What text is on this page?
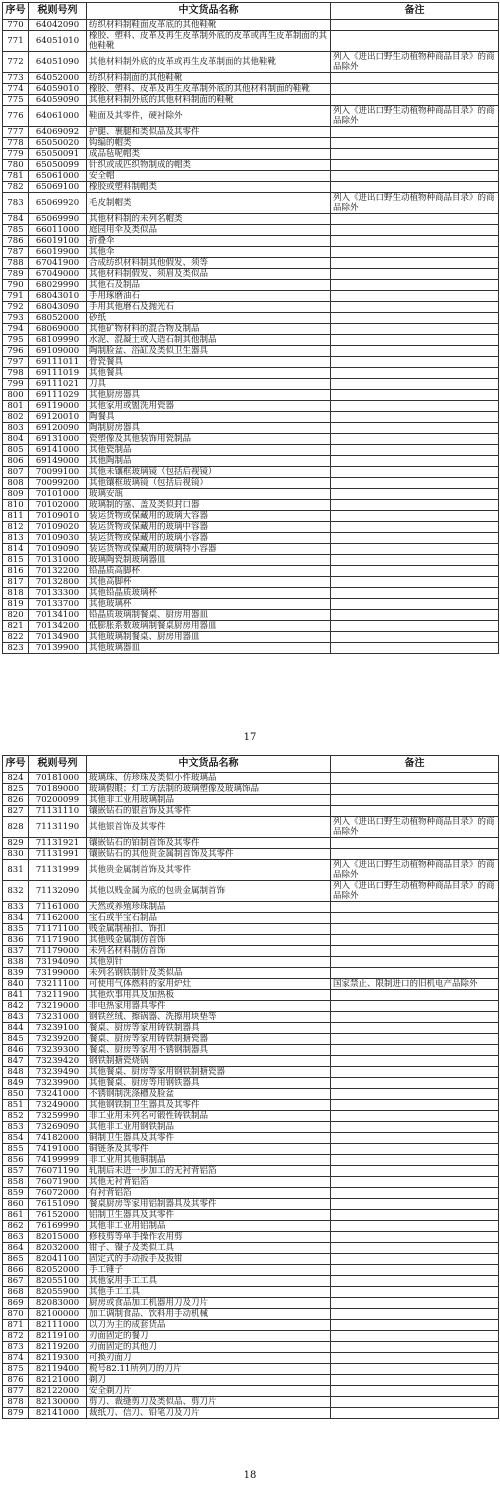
序号	税则号列	中文货品名称	备注
770	64042090	纺织材料制鞋面皮革底的其他鞋靴	
771	64051010	橡胶、塑料、皮革及再生皮革制外底的皮革或再生皮革制面的其他鞋靴	
772	64051090	其他材料制外底的皮革或再生皮革制面的其他鞋靴	列入《进出口野生动植物种商品目录》的商品除外
773	64052000	纺织材料制面的其他鞋靴	
774	64059010	橡胶、塑料、皮革及再生皮革制外底的其他材料制面的鞋靴	
775	64059090	其他材料制外底的其他材料制面的鞋靴	
776	64061000	鞋面及其零件，硬衬除外	列入《进出口野生动植物种商品目录》的商品除外
777	64069092	护腿、裹腿和类似品及其零件	
778	65050020	钩编的帽类	
779	65050091	成品毡呢帽类	
780	65050099	针织或成匹织物制成的帽类	
781	65061000	安全帽	
782	65069100	橡胶或塑料制帽类	
783	65069920	毛皮制帽类	列入《进出口野生动植物种商品目录》的商品除外
784	65069990	其他材料制的未列名帽类	
785	66011000	庭园用伞及类似品	
786	66019100	折叠伞	
787	66019900	其他伞	
788	67041900	合成纺织材料制其他假发、须等	
789	67049000	其他材料制假发、须眉及类似品	
790	68029990	其他石及制品	
791	68043010	手用琢磨油石	
792	68043090	手用其他磨石及抛光石	
793	68052000	砂纸	
794	68069000	其他矿物材料的混合物及制品	
795	68109990	水泥、混凝土或人造石制其他制品	
796	69109000	陶制脸盆、浴缸及类似卫生器具	
797	69111011	骨瓷餐具	
798	69111019	其他餐具	
799	69111021	刀具	
800	69111029	其他厨房器具	
801	69119000	其他家用或盥洗用瓷器	
802	69120010	陶餐具	
803	69120090	陶制厨房器具	
804	69131000	瓷塑像及其他装饰用瓷制品	
805	69141000	其他瓷制品	
806	69149000	其他陶制品	
807	70099100	其他未镶框玻璃镜（包括后视镜）	
808	70099200	其他镶框玻璃镜（包括后视镜）	
809	70101000	玻璃安瓿	
810	70102000	玻璃制的塞、盖及类似封口器	
811	70109010	装运货物或保藏用的玻璃大容器	
812	70109020	装运货物或保藏用的玻璃中容器	
813	70109030	装运货物或保藏用的玻璃小容器	
814	70109090	装运货物或保藏用的玻璃特小容器	
815	70131000	玻璃陶瓷制玻璃器皿	
816	70132200	铅晶质高脚杯	
817	70132800	其他高脚杯	
818	70133300	其他铅晶质玻璃杯	
819	70133700	其他玻璃杯	
820	70134100	铅晶质玻璃制餐桌、厨房用器皿	
821	70134200	低膨胀系数玻璃制餐桌厨房用器皿	
822	70134900	其他玻璃制餐桌、厨房用器皿	
823	70139900	其他玻璃器皿	
17
序号	税则号列	中文货品名称	备注
824	70181000	玻璃珠、仿珍珠及类似小件玻璃品	
825	70189000	玻璃假眼；灯工方法制的玻璃塑像及玻璃饰品	
826	70200099	其他非工业用玻璃制品	
827	71131110	镶嵌钻石的银首饰及其零件	
828	71131190	其他银首饰及其零件	列入《进出口野生动植物种商品目录》的商品除外
829	71131921	镶嵌钻石的铂制首饰及其零件	
830	71131991	镶嵌钻石的其他贵金属制首饰及其零件	
831	71131999	其他贵金属制首饰及其零件	列入《进出口野生动植物种商品目录》的商品除外
832	71132090	其他以贱金属为底的包贵金属制首饰	列入《进出口野生动植物种商品目录》的商品除外
833	71161000	天然或养殖珍珠制品	
834	71162000	宝石或半宝石制品	
835	71171100	贱金属制袖扣、饰扣	
836	71171900	其他贱金属制仿首饰	
837	71179000	未列名材料制仿首饰	
838	73194090	其他别针	
839	73199000	未列名钢铁制针及类似品	
840	73211100	可使用气体燃料的家用炉灶	国家禁止、限制进口的旧机电产品除外
841	73211900	其他炊事用具及加热板	
842	73219000	非电热家用器具零件	
843	73231000	钢铁丝绒、擦锅器、洗擦用块垫等	
844	73239100	餐桌、厨房等家用铸铁制器具	
845	73239200	餐桌、厨房等家用铸铁制搪瓷器	
846	73239300	餐桌、厨房等家用不锈钢制器具	
847	73239420	钢铁制搪瓷烧锅	
848	73239490	其他餐桌、厨房等家用钢铁制搪瓷器	
849	73239900	其他餐桌、厨房等用钢铁器具	
850	73241000	不锈钢制洗涤槽及脸盆	
851	73249000	其他钢铁制卫生器具及其零件	
852	73259990	非工业用未列名可锻性铸铁制品	
853	73269090	其他非工业用钢铁制品	
854	74182000	铜制卫生器具及其零件	
855	74191000	铜链条及其零件	
856	74199999	非工业用其他铜制品	
857	76071190	轧制后未进一步加工的无衬背铝箔	
858	76071900	其他无衬背铝箔	
859	76072000	有衬背铝箔	
860	76151090	餐桌厨房等家用铝制器具及其零件	
861	76152000	铝制卫生器具及其零件	
862	76169990	其他非工业用铝制品	
863	82015000	修枝剪等单手操作农用剪	
864	82032000	钳子、镊子及类似工具	
865	82041100	固定式的手动扳手及扳钳	
866	82052000	手工锤子	
867	82055100	其他家用手工工具	
868	82055900	其他手工工具	
869	82083000	厨房或食品加工机器用刀及刀片	
870	82100000	加工调制食品、饮料用手动机械	
871	82111000	以刀为主的成套货品	
872	82119100	刃面固定的餐刀	
873	82119200	刃面固定的其他刀	
874	82119300	可换刃面刀	
875	82119400	税号82.11所列刀的刀片	
876	82121000	剃刀	
877	82122000	安全剃刀片	
878	82130000	剪刀、裁缝剪刀及类似品、剪刀片	
879	82141000	裁纸刀、信刀、铅笔刀及刀片	
18
